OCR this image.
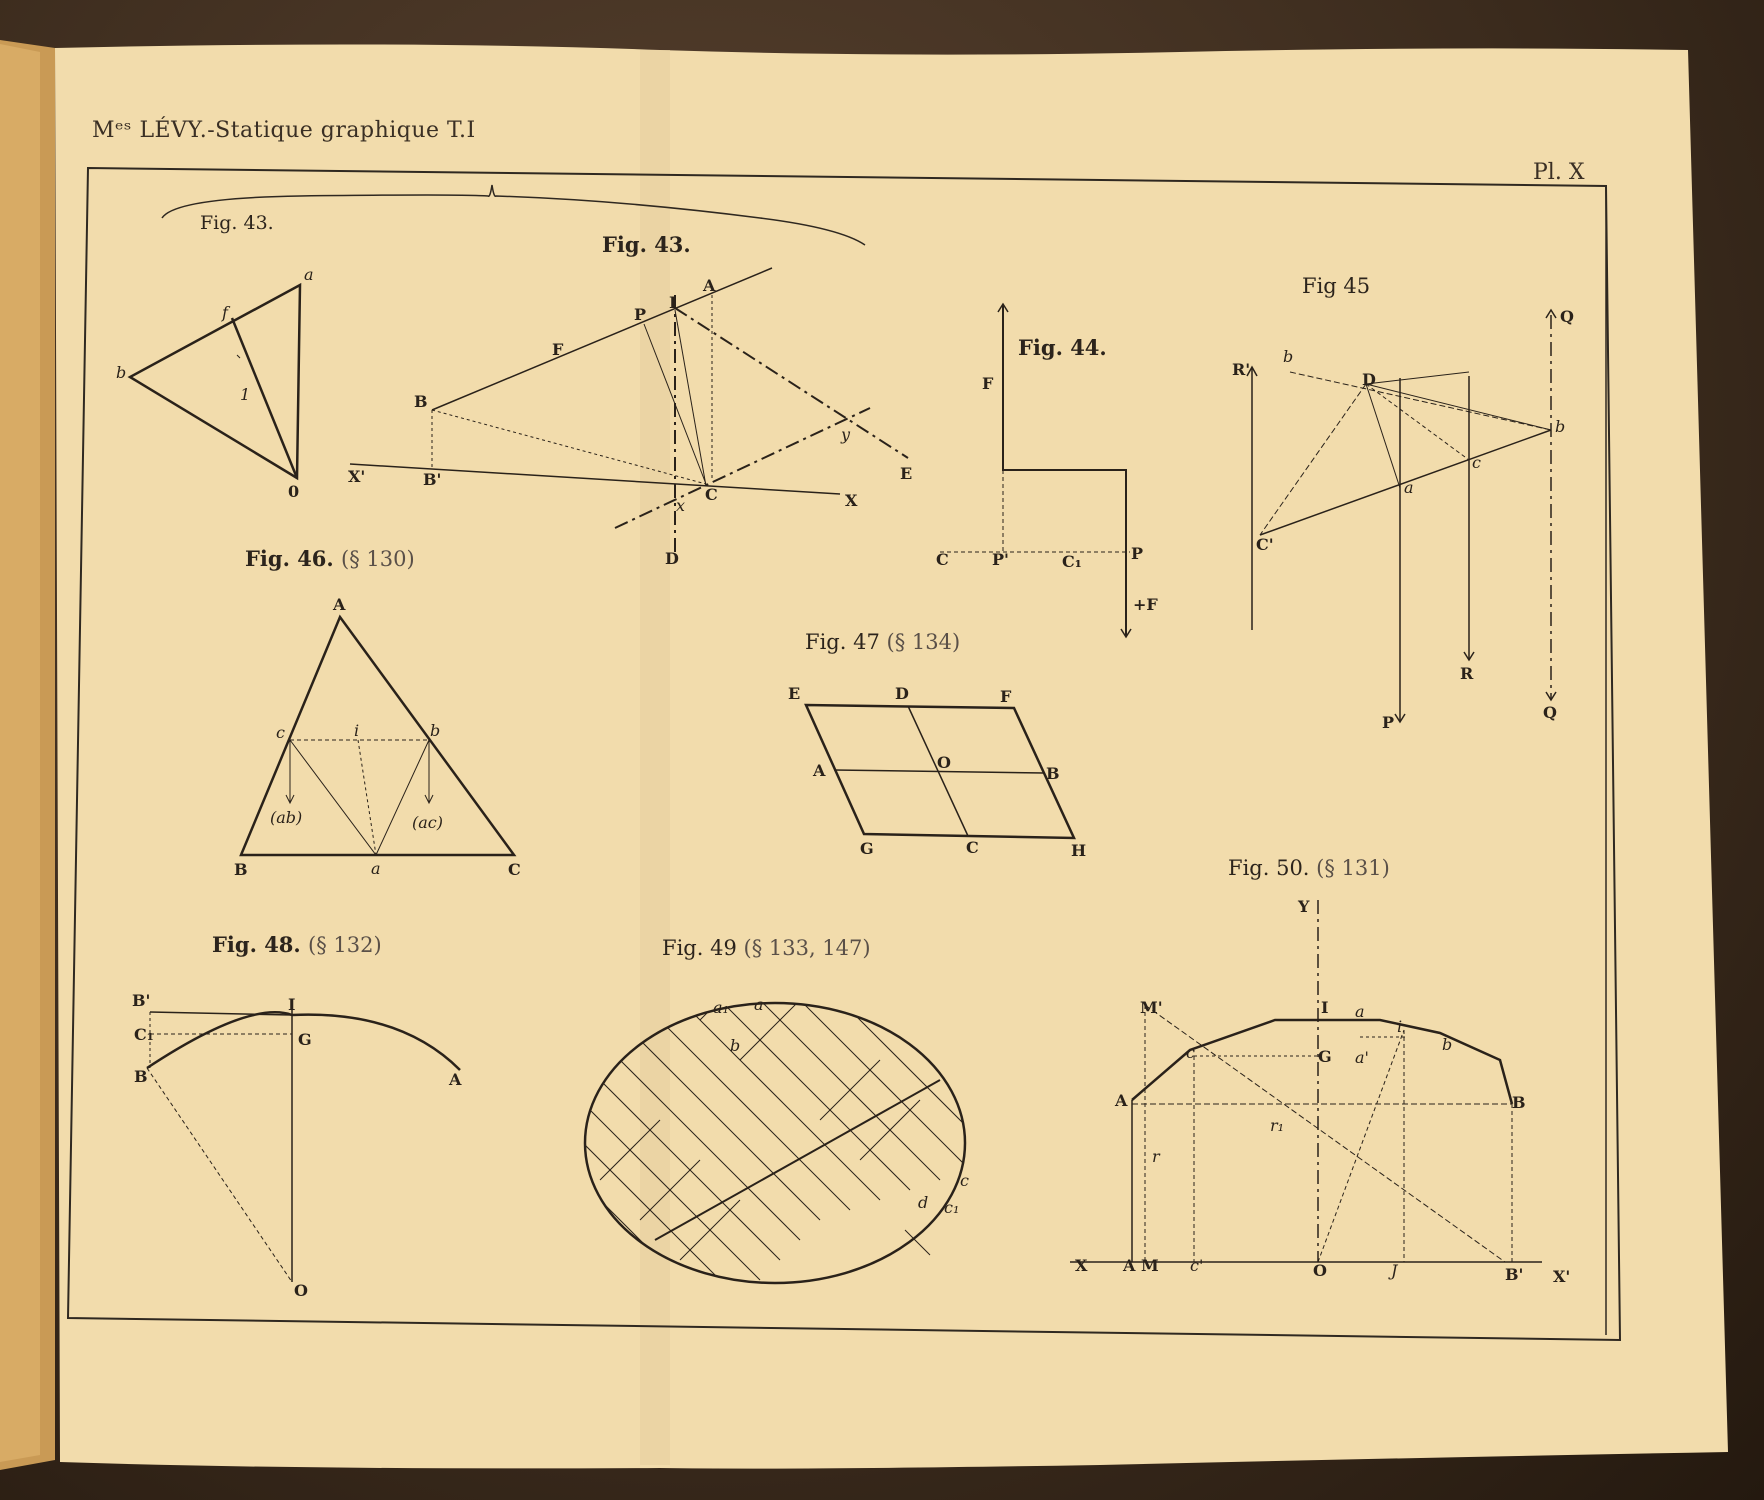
a
f
b
1
0
A
I
P
F
B
X'	B'
x
C	X
y
E
D
F
C	P'	C₁	P
+F
Q
R'
b
D
b
c
a
C'
R
P
Q
A
c	i	b
(ab)	(ac)
B	a	C
E	D	F
A	O
B
G	C	H
B'	I
C₁	G
B	A
O
a₁ a
b
c
d c₁
Y
M'	I a
i
b
c	G a'
A	B
r₁
r
X A M c'	O	J	B' X'
Mᵉˢ LÉVY.-Statique graphique T.I
Pl. X
Fig. 43.
Fig. 43.
Fig. 44.
Fig 45
Fig. 46. (§ 130)
Fig. 47 (§ 134)
Fig. 48. (§ 132)	Fig. 49 (§ 133, 147)
Fig. 50. (§ 131)
